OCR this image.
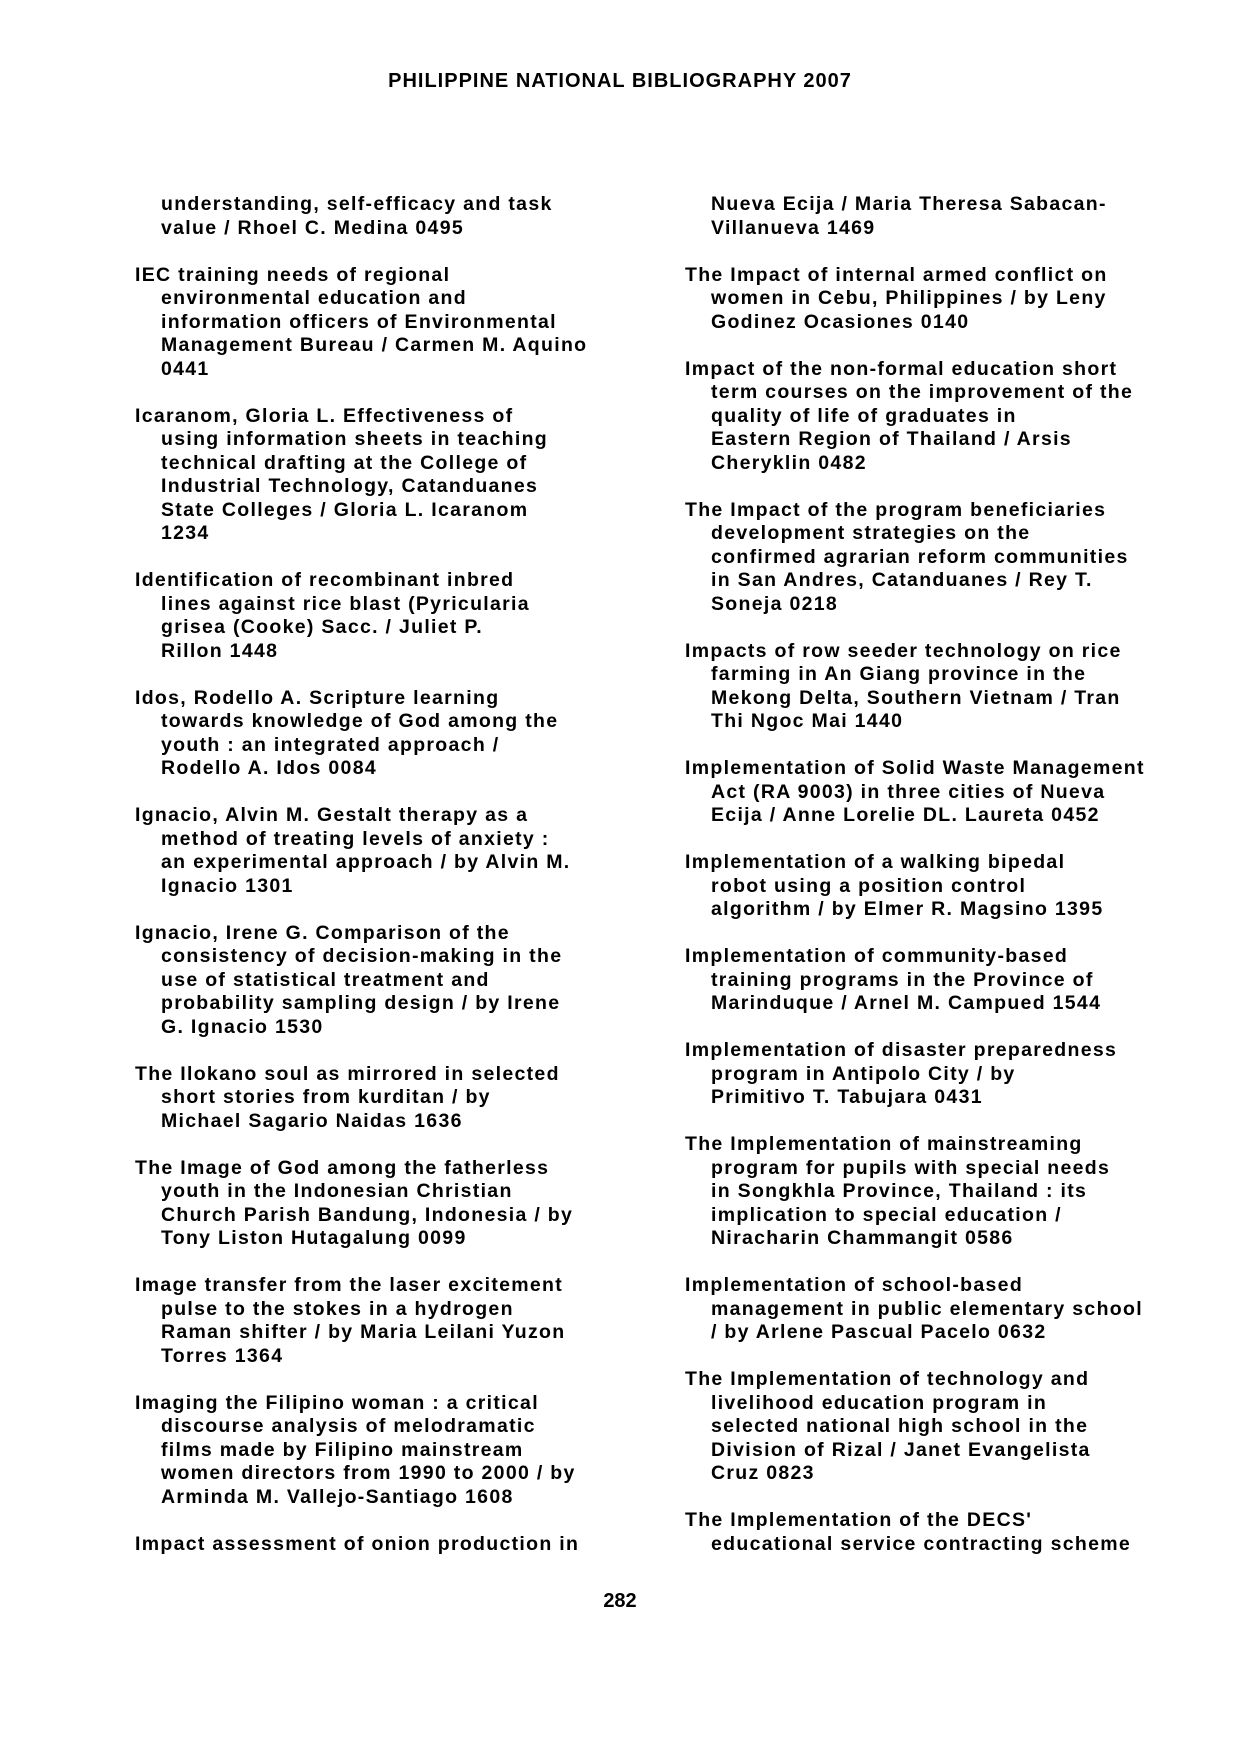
PHILIPPINE NATIONAL BIBLIOGRAPHY 2007
understanding, self-efficacy and task
value / Rhoel C. Medina 0495
IEC training needs of regional
environmental education and
information officers of Environmental
Management Bureau / Carmen M. Aquino
0441
Icaranom, Gloria L. Effectiveness of
using information sheets in teaching
technical drafting at the College of
Industrial Technology, Catanduanes
State Colleges / Gloria L. Icaranom
1234
Identification of recombinant inbred
lines against rice blast (Pyricularia
grisea (Cooke) Sacc. / Juliet P.
Rillon 1448
Idos, Rodello A. Scripture learning
towards knowledge of God among the
youth : an integrated approach /
Rodello A. Idos 0084
Ignacio, Alvin M. Gestalt therapy as a
method of treating levels of anxiety :
an experimental approach / by Alvin M.
Ignacio 1301
Ignacio, Irene G. Comparison of the
consistency of decision-making in the
use of statistical treatment and
probability sampling design / by Irene
G. Ignacio 1530
The Ilokano soul as mirrored in selected
short stories from kurditan / by
Michael Sagario Naidas 1636
The Image of God among the fatherless
youth in the Indonesian Christian
Church Parish Bandung, Indonesia / by
Tony Liston Hutagalung 0099
Image transfer from the laser excitement
pulse to the stokes in a hydrogen
Raman shifter / by Maria Leilani Yuzon
Torres 1364
Imaging the Filipino woman : a critical
discourse analysis of melodramatic
films made by Filipino mainstream
women directors from 1990 to 2000 / by
Arminda M. Vallejo-Santiago 1608
Impact assessment of onion production in
Nueva Ecija / Maria Theresa Sabacan-
Villanueva 1469
The Impact of internal armed conflict on
women in Cebu, Philippines / by Leny
Godinez Ocasiones 0140
Impact of the non-formal education short
term courses on the improvement of the
quality of life of graduates in
Eastern Region of Thailand / Arsis
Cheryklin 0482
The Impact of the program beneficiaries
development strategies on the
confirmed agrarian reform communities
in San Andres, Catanduanes / Rey T.
Soneja 0218
Impacts of row seeder technology on rice
farming in An Giang province in the
Mekong Delta, Southern Vietnam / Tran
Thi Ngoc Mai 1440
Implementation of Solid Waste Management
Act (RA 9003) in three cities of Nueva
Ecija / Anne Lorelie DL. Laureta 0452
Implementation of a walking bipedal
robot using a position control
algorithm / by Elmer R. Magsino 1395
Implementation of community-based
training programs in the Province of
Marinduque / Arnel M. Campued 1544
Implementation of disaster preparedness
program in Antipolo City / by
Primitivo T. Tabujara 0431
The Implementation of mainstreaming
program for pupils with special needs
in Songkhla Province, Thailand : its
implication to special education /
Niracharin Chammangit 0586
Implementation of school-based
management in public elementary school
/ by Arlene Pascual Pacelo 0632
The Implementation of technology and
livelihood education program in
selected national high school in the
Division of Rizal / Janet Evangelista
Cruz 0823
The Implementation of the DECS'
educational service contracting scheme
282
